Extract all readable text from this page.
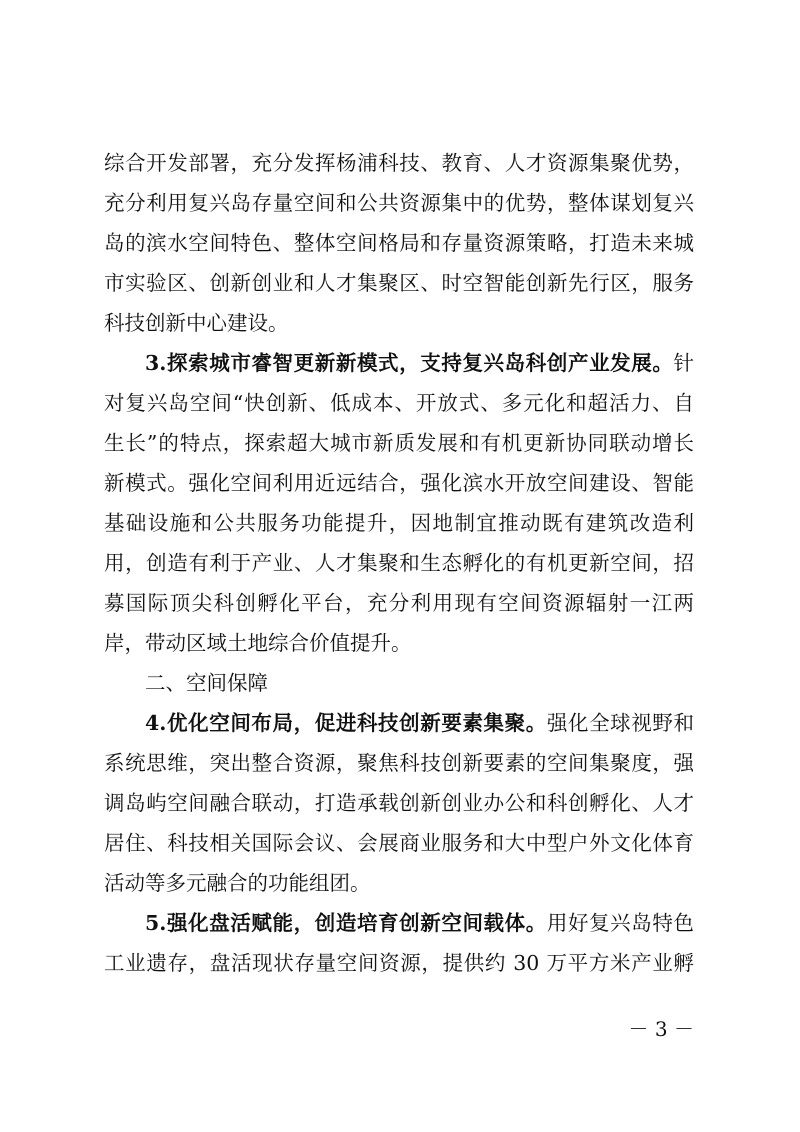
综合开发部署，充分发挥杨浦科技、教育、人才资源集聚优势，
充分利用复兴岛存量空间和公共资源集中的优势，整体谋划复兴
岛的滨水空间特色、整体空间格局和存量资源策略，打造未来城
市实验区、创新创业和人才集聚区、时空智能创新先行区，服务
科技创新中心建设。
3.探索城市睿智更新新模式，支持复兴岛科创产业发展。针
对复兴岛空间“快创新、低成本、开放式、多元化和超活力、自
生长”的特点，探索超大城市新质发展和有机更新协同联动增长
新模式。强化空间利用近远结合，强化滨水开放空间建设、智能
基础设施和公共服务功能提升，因地制宜推动既有建筑改造利
用，创造有利于产业、人才集聚和生态孵化的有机更新空间，招
募国际顶尖科创孵化平台，充分利用现有空间资源辐射一江两
岸，带动区域土地综合价值提升。
二、空间保障
4.优化空间布局，促进科技创新要素集聚。强化全球视野和
系统思维，突出整合资源，聚焦科技创新要素的空间集聚度，强
调岛屿空间融合联动，打造承载创新创业办公和科创孵化、人才
居住、科技相关国际会议、会展商业服务和大中型户外文化体育
活动等多元融合的功能组团。
5.强化盘活赋能，创造培育创新空间载体。用好复兴岛特色
工业遗存，盘活现状存量空间资源，提供约 30 万平方米产业孵
－ 3 －
